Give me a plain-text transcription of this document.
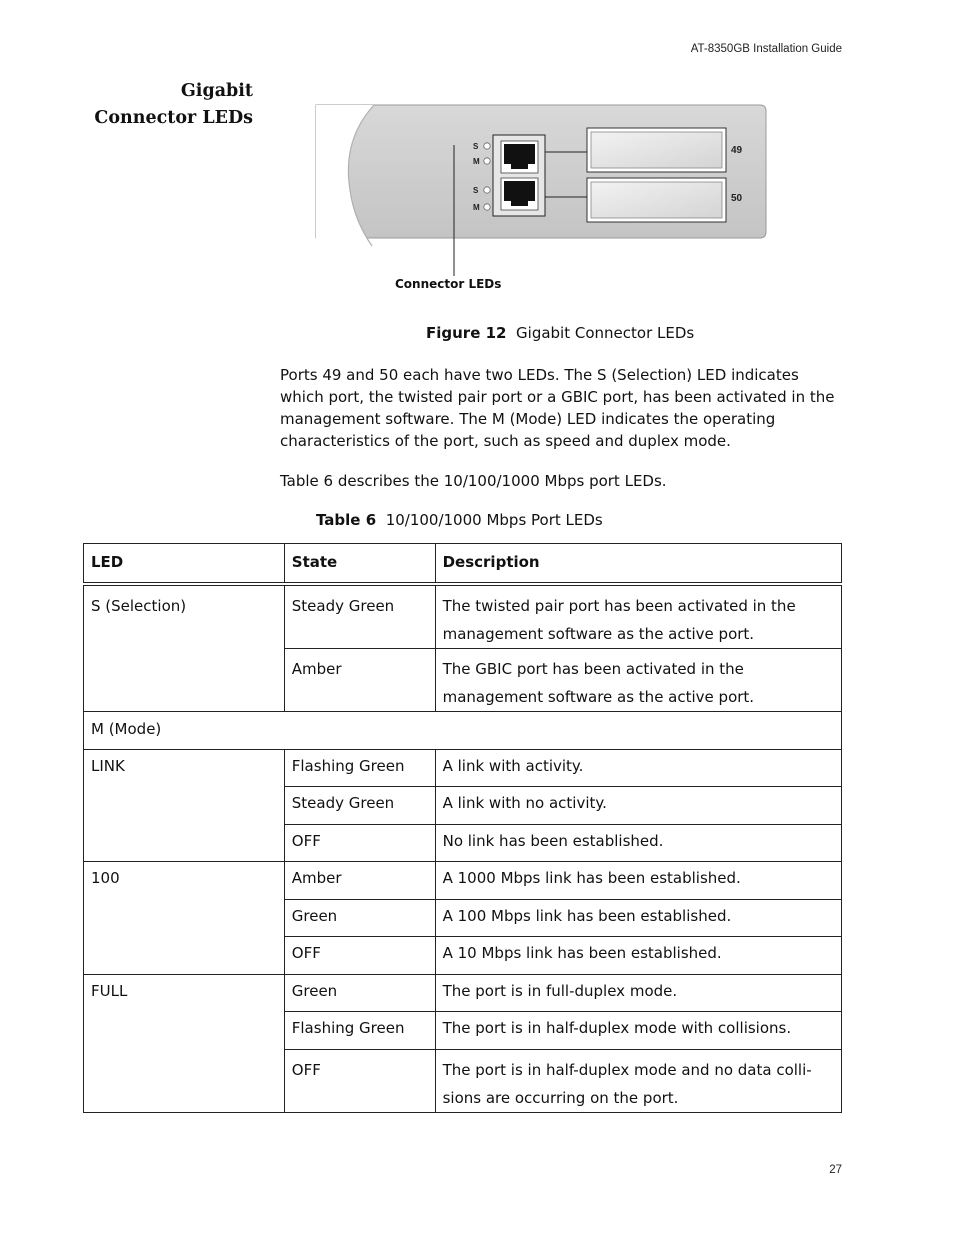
AT-8350GB Installation Guide
Gigabit
Connector LEDs
S
M
S
M
49
50
Connector LEDs
Figure 12 Gigabit Connector LEDs

Ports 49 and 50 each have two LEDs. The S (Selection) LED indicates which port, the twisted pair port or a GBIC port, has been activated in the management software. The M (Mode) LED indicates the operating characteristics of the port, such as speed and duplex mode.

Table 6 describes the 10/100/1000 Mbps port LEDs.

Table 6 10/100/1000 Mbps Port LEDs
LED	State	Description
S (Selection)	Steady Green	The twisted pair port has been activated in the management software as the active port.
	Amber	The GBIC port has been activated in the management software as the active port.
M (Mode)		
LINK	Flashing Green	A link with activity.
	Steady Green	A link with no activity.
	OFF	No link has been established.
100	Amber	A 1000 Mbps link has been established.
	Green	A 100 Mbps link has been established.
	OFF	A 10 Mbps link has been established.
FULL	Green	The port is in full-duplex mode.
	Flashing Green	The port is in half-duplex mode with collisions.
	OFF	The port is in half-duplex mode and no data colli-sions are occurring on the port.
27
